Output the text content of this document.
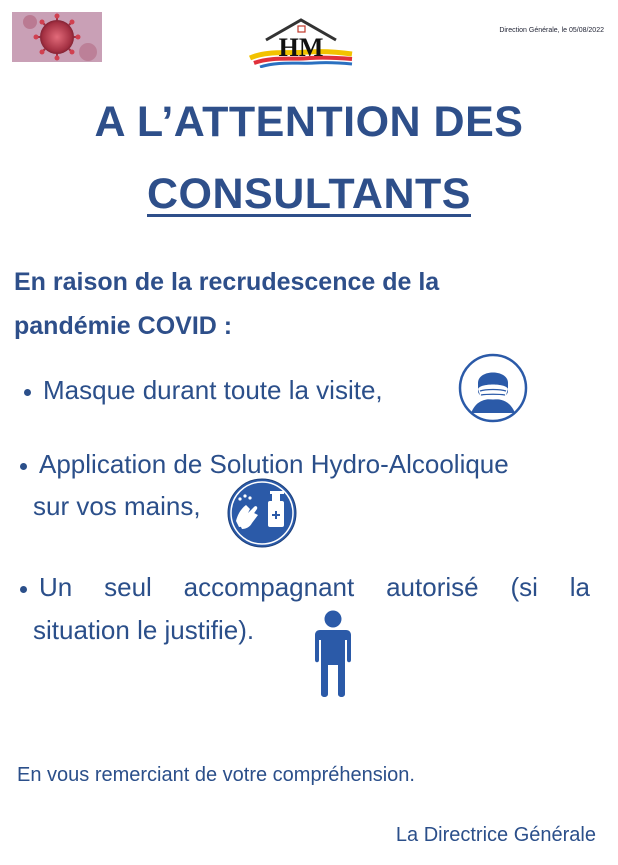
HM
Direction Générale, le 05/08/2022
A L’ATTENTION DES
CONSULTANTS
En raison de la recrudescence de la
pandémie COVID :
Masque durant toute la visite,
Application de Solution Hydro-Alcoolique
sur vos mains,
Un seul accompagnant autorisé (si la
situation le justifie).
En vous remerciant de votre compréhension.
La Directrice Générale
